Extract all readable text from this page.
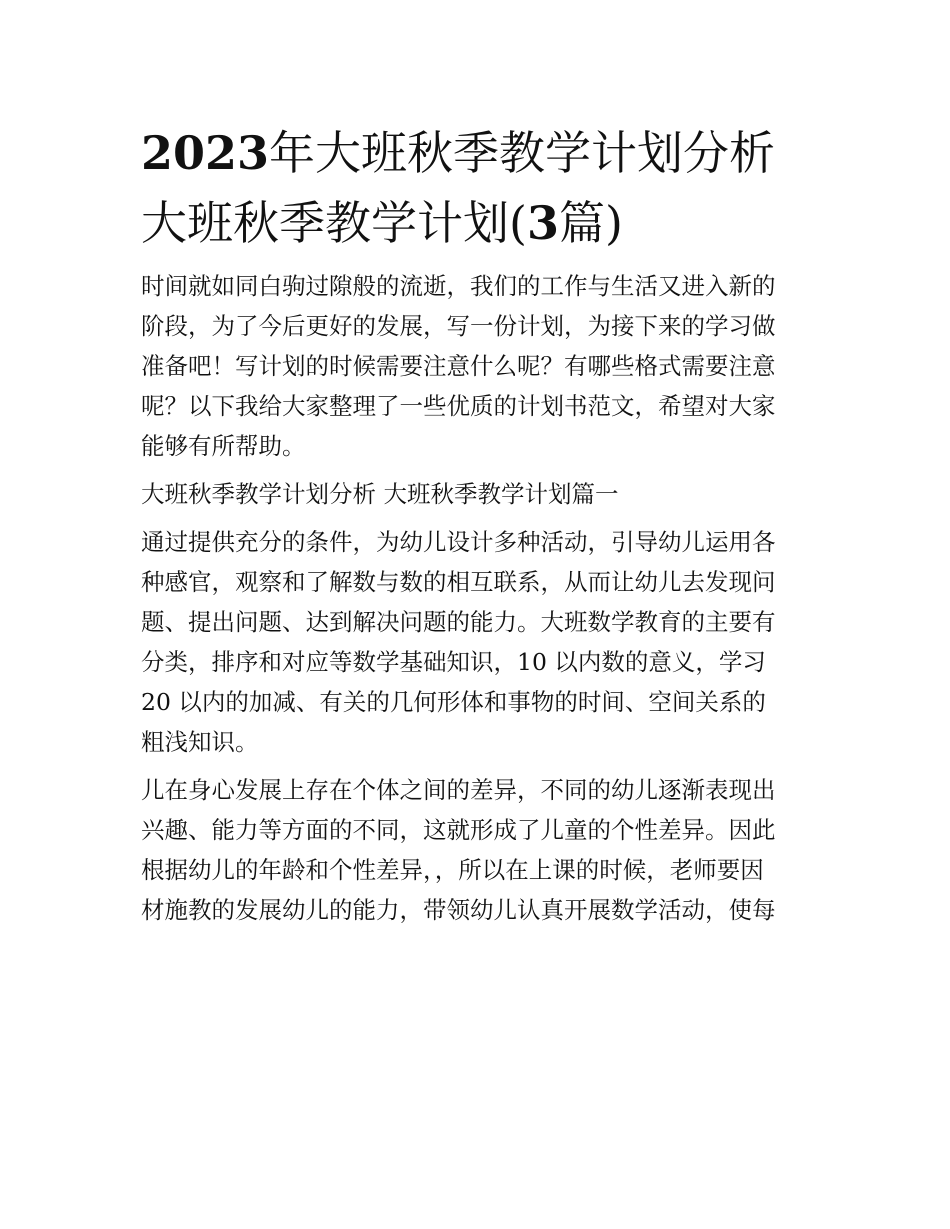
2023年大班秋季教学计划分析
大班秋季教学计划(3篇)

时间就如同白驹过隙般的流逝，我们的工作与生活又进入新的
阶段，为了今后更好的发展，写一份计划，为接下来的学习做
准备吧！写计划的时候需要注意什么呢？有哪些格式需要注意
呢？以下我给大家整理了一些优质的计划书范文，希望对大家
能够有所帮助。

大班秋季教学计划分析 大班秋季教学计划篇一

通过提供充分的条件，为幼儿设计多种活动，引导幼儿运用各
种感官，观察和了解数与数的相互联系，从而让幼儿去发现问
题、提出问题、达到解决问题的能力。大班数学教育的主要有
分类，排序和对应等数学基础知识，10 以内数的意义，学习
20 以内的加减、有关的几何形体和事物的时间、空间关系的
粗浅知识。

儿在身心发展上存在个体之间的差异，不同的幼儿逐渐表现出
兴趣、能力等方面的不同，这就形成了儿童的个性差异。因此
根据幼儿的年龄和个性差异，，所以在上课的时候，老师要因
材施教的发展幼儿的能力，带领幼儿认真开展数学活动，使每
